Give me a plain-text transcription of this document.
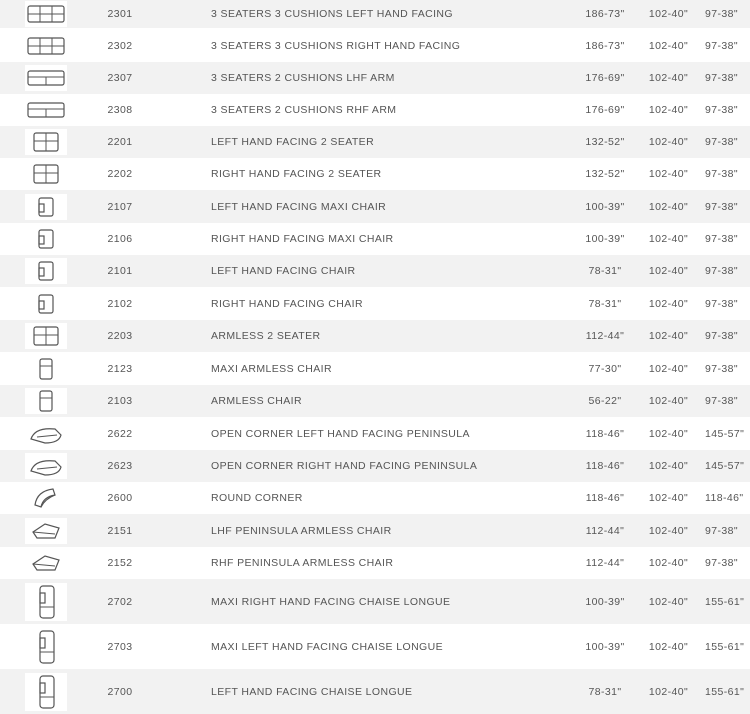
2301	3 SEATERS 3 CUSHIONS LEFT HAND FACING	186-73"	102-40"	97-38"
2302	3 SEATERS 3 CUSHIONS RIGHT HAND FACING	186-73"	102-40"	97-38"
2307	3 SEATERS 2 CUSHIONS LHF ARM	176-69"	102-40"	97-38"
2308	3 SEATERS 2 CUSHIONS RHF ARM	176-69"	102-40"	97-38"
2201	LEFT HAND FACING 2 SEATER	132-52"	102-40"	97-38"
2202	RIGHT HAND FACING 2 SEATER	132-52"	102-40"	97-38"
2107	LEFT HAND FACING MAXI CHAIR	100-39"	102-40"	97-38"
2106	RIGHT HAND FACING MAXI CHAIR	100-39"	102-40"	97-38"
2101	LEFT HAND FACING CHAIR	78-31"	102-40"	97-38"
2102	RIGHT HAND FACING CHAIR	78-31"	102-40"	97-38"
2203	ARMLESS 2 SEATER	112-44"	102-40"	97-38"
2123	MAXI ARMLESS CHAIR	77-30"	102-40"	97-38"
2103	ARMLESS CHAIR	56-22"	102-40"	97-38"
2622	OPEN CORNER LEFT HAND FACING PENINSULA	118-46"	102-40"	145-57"
2623	OPEN CORNER RIGHT HAND FACING PENINSULA	118-46"	102-40"	145-57"
2600	ROUND CORNER	118-46"	102-40"	118-46"
2151	LHF PENINSULA ARMLESS CHAIR	112-44"	102-40"	97-38"
2152	RHF PENINSULA ARMLESS CHAIR	112-44"	102-40"	97-38"
2702	MAXI RIGHT HAND FACING CHAISE LONGUE	100-39"	102-40"	155-61"
2703	MAXI LEFT HAND FACING CHAISE LONGUE	100-39"	102-40"	155-61"
2700	LEFT HAND FACING CHAISE LONGUE	78-31"	102-40"	155-61"
